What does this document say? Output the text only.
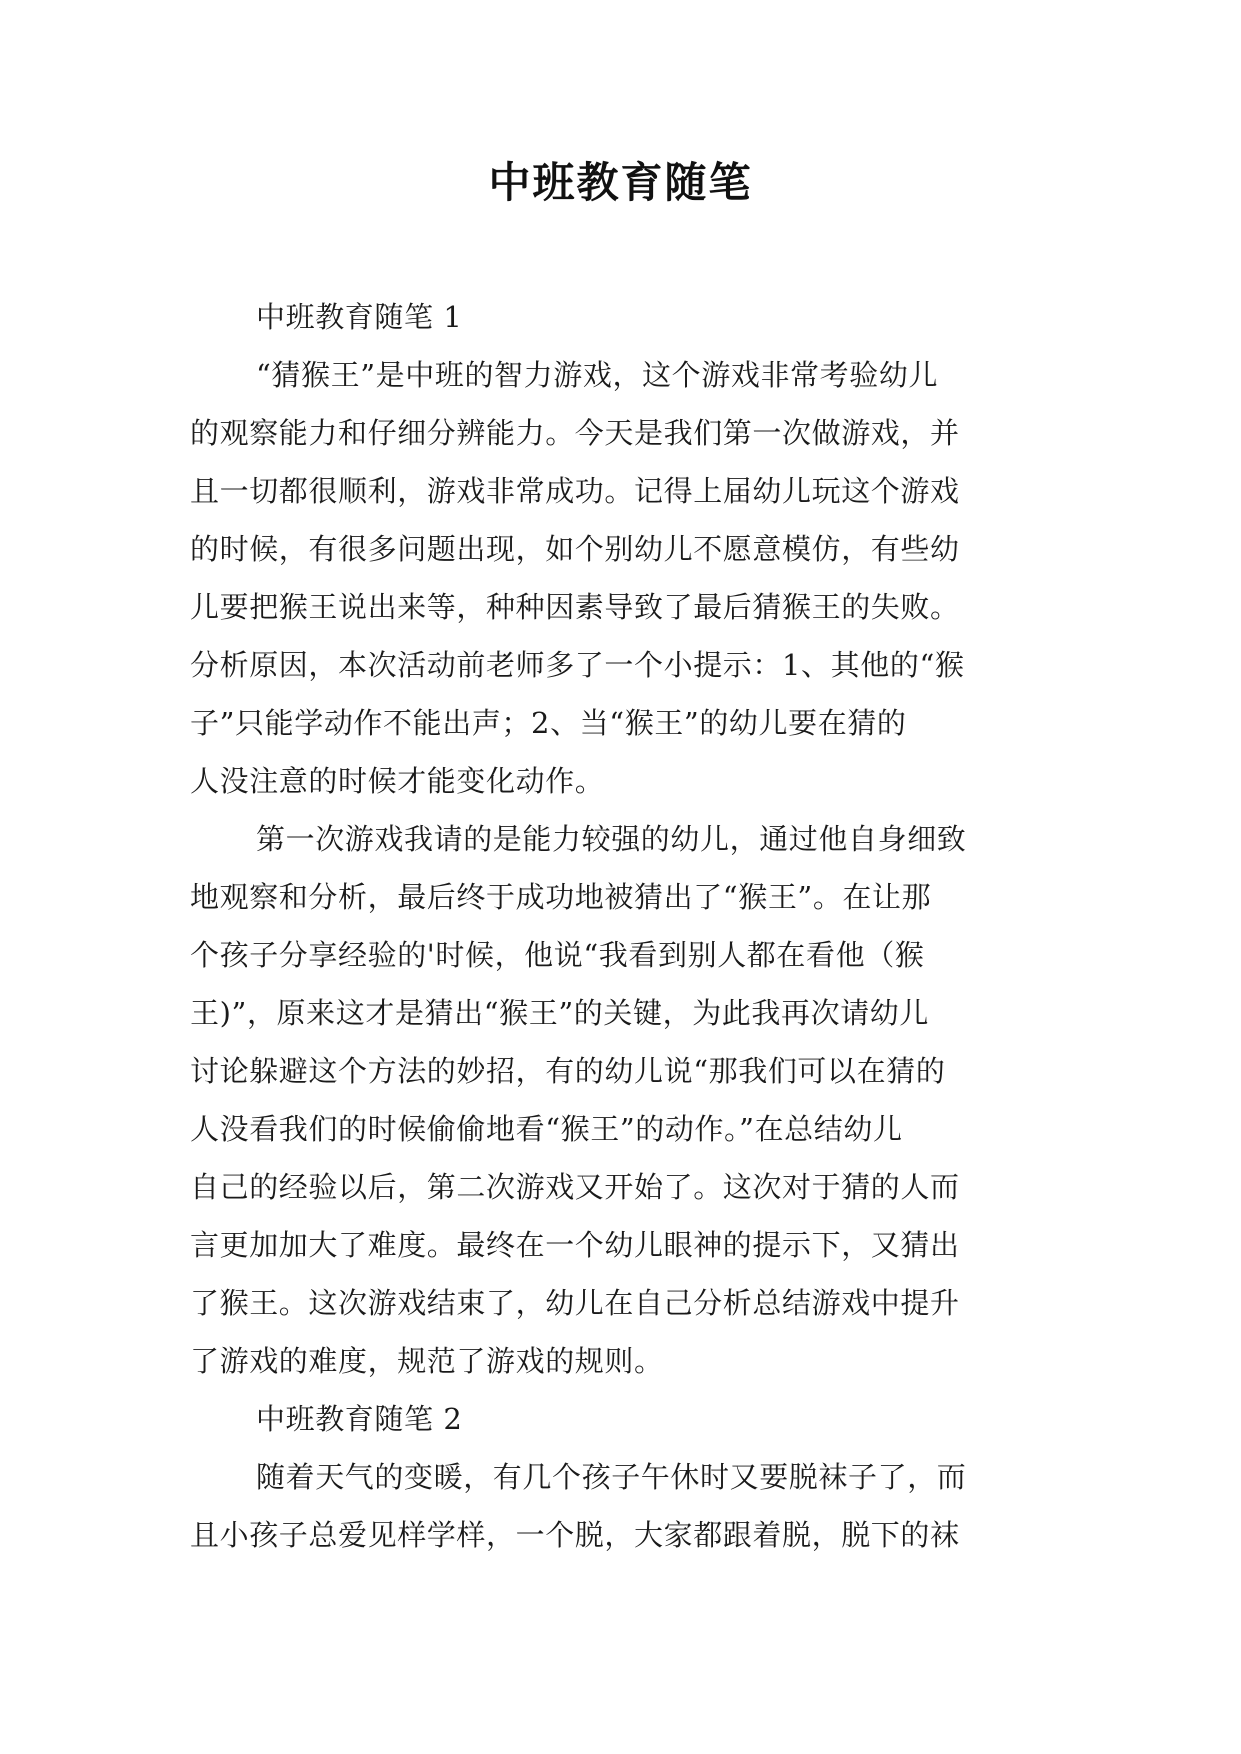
中班教育随笔
中班教育随笔 1
“猜猴王”是中班的智力游戏，这个游戏非常考验幼儿
的观察能力和仔细分辨能力。今天是我们第一次做游戏，并
且一切都很顺利，游戏非常成功。记得上届幼儿玩这个游戏
的时候，有很多问题出现，如个别幼儿不愿意模仿，有些幼
儿要把猴王说出来等，种种因素导致了最后猜猴王的失败。
分析原因，本次活动前老师多了一个小提示：1、其他的“猴
子”只能学动作不能出声；2、当“猴王”的幼儿要在猜的
人没注意的时候才能变化动作。
第一次游戏我请的是能力较强的幼儿，通过他自身细致
地观察和分析，最后终于成功地被猜出了“猴王”。在让那
个孩子分享经验的'时候，他说“我看到别人都在看他（猴
王)”，原来这才是猜出“猴王”的关键，为此我再次请幼儿
讨论躲避这个方法的妙招，有的幼儿说“那我们可以在猜的
人没看我们的时候偷偷地看“猴王”的动作。”在总结幼儿
自己的经验以后，第二次游戏又开始了。这次对于猜的人而
言更加加大了难度。最终在一个幼儿眼神的提示下，又猜出
了猴王。这次游戏结束了，幼儿在自己分析总结游戏中提升
了游戏的难度，规范了游戏的规则。
中班教育随笔 2
随着天气的变暖，有几个孩子午休时又要脱袜子了，而
且小孩子总爱见样学样，一个脱，大家都跟着脱，脱下的袜
